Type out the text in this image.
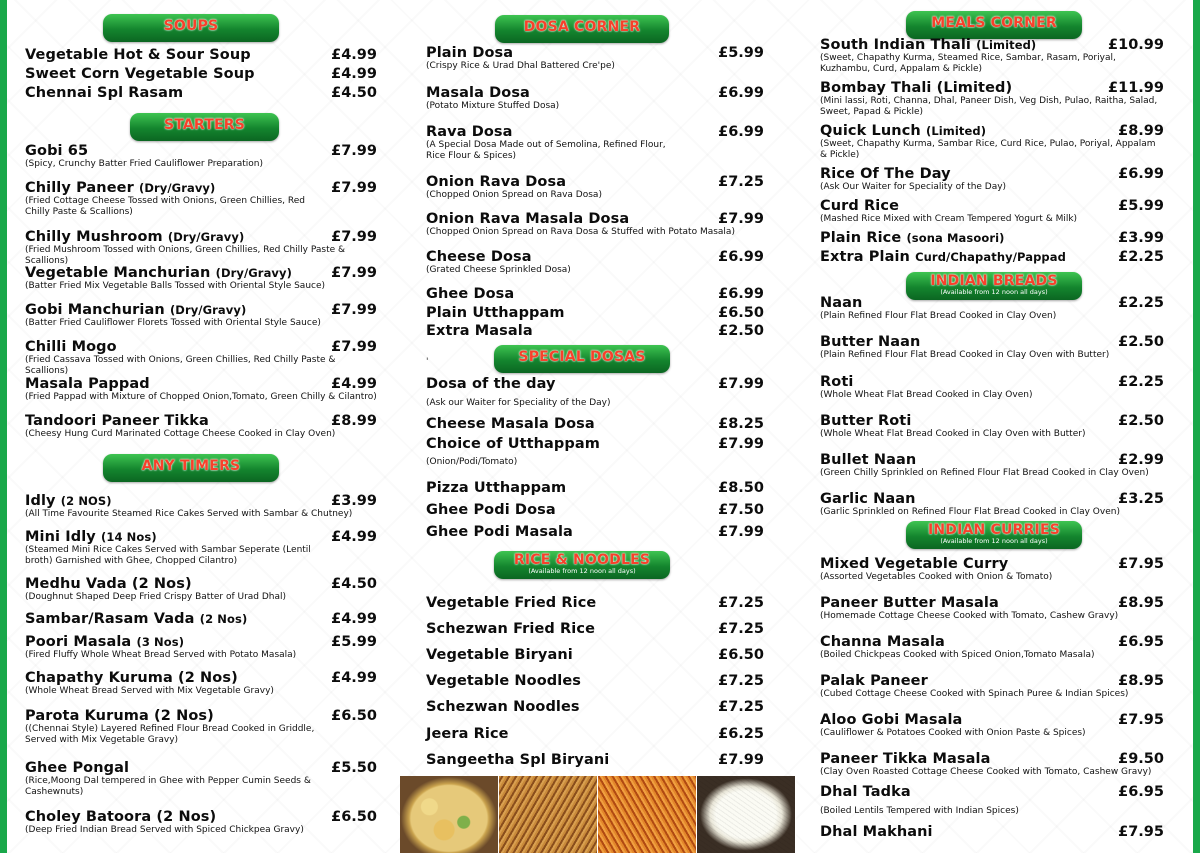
SOUPS
Vegetable Hot & Sour Soup	£4.99
Sweet Corn Vegetable Soup	£4.99
Chennai Spl Rasam	£4.50
STARTERS
Gobi 65	£7.99
(Spicy, Crunchy Batter Fried Cauliflower Preparation)
Chilly Paneer (Dry/Gravy)	£7.99
(Fried Cottage Cheese Tossed with Onions, Green Chillies, Red Chilly Paste & Scallions)
Chilly Mushroom (Dry/Gravy)	£7.99
(Fried Mushroom Tossed with Onions, Green Chillies, Red Chilly Paste & Scallions)
Vegetable Manchurian (Dry/Gravy)	£7.99
(Batter Fried Mix Vegetable Balls Tossed with Oriental Style Sauce)
Gobi Manchurian (Dry/Gravy)	£7.99
(Batter Fried Cauliflower Florets Tossed with Oriental Style Sauce)
Chilli Mogo	£7.99
(Fried Cassava Tossed with Onions, Green Chillies, Red Chilly Paste & Scallions)
Masala Pappad	£4.99
(Fried Pappad with Mixture of Chopped Onion,Tomato, Green Chilly & Cilantro)
Tandoori Paneer Tikka	£8.99
(Cheesy Hung Curd Marinated Cottage Cheese Cooked in Clay Oven)
ANY TIMERS
Idly (2 NOS)	£3.99
(All Time Favourite Steamed Rice Cakes Served with Sambar & Chutney)
Mini Idly (14 Nos)	£4.99
(Steamed Mini Rice Cakes Served with Sambar Seperate (Lentil broth) Garnished with Ghee, Chopped Cilantro)
Medhu Vada (2 Nos)	£4.50
(Doughnut Shaped Deep Fried Crispy Batter of Urad Dhal)
Sambar/Rasam Vada (2 Nos)	£4.99
Poori Masala (3 Nos)	£5.99
(Fired Fluffy Whole Wheat Bread Served with Potato Masala)
Chapathy Kuruma (2 Nos)	£4.99
(Whole Wheat Bread Served with Mix Vegetable Gravy)
Parota Kuruma (2 Nos)	£6.50
((Chennai Style) Layered Refined Flour Bread Cooked in Griddle, Served with Mix Vegetable Gravy)
Ghee Pongal	£5.50
(Rice,Moong Dal tempered in Ghee with Pepper Cumin Seeds & Cashewnuts)
Choley Batoora (2 Nos)	£6.50
(Deep Fried Indian Bread Served with Spiced Chickpea Gravy)
DOSA CORNER
Plain Dosa	£5.99
(Crispy Rice & Urad Dhal Battered Cre'pe)
Masala Dosa	£6.99
(Potato Mixture Stuffed Dosa)
Rava Dosa	£6.99
(A Special Dosa Made out of Semolina, Refined Flour, Rice Flour & Spices)
Onion Rava Dosa	£7.25
(Chopped Onion Spread on Rava Dosa)
Onion Rava Masala Dosa	£7.99
(Chopped Onion Spread on Rava Dosa & Stuffed with Potato Masala)
Cheese Dosa	£6.99
(Grated Cheese Sprinkled Dosa)
Ghee Dosa	£6.99
Plain Utthappam	£6.50
Extra Masala	£2.50
SPECIAL DOSAS
Dosa of the day	£7.99
(Ask our Waiter for Speciality of the Day)
Cheese Masala Dosa	£8.25
Choice of Utthappam	£7.99
(Onion/Podi/Tomato)
Pizza Utthappam	£8.50
Ghee Podi Dosa	£7.50
Ghee Podi Masala	£7.99
RICE & NOODLES
(Available from 12 noon all days)
Vegetable Fried Rice	£7.25
Schezwan Fried Rice	£7.25
Vegetable Biryani	£6.50
Vegetable Noodles	£7.25
Schezwan Noodles	£7.25
Jeera Rice	£6.25
Sangeetha Spl Biryani	£7.99
'
MEALS CORNER
South Indian Thali (Limited)	£10.99
(Sweet, Chapathy Kurma, Steamed Rice, Sambar, Rasam, Poriyal, Kuzhambu, Curd, Appalam & Pickle)
Bombay Thali (Limited)	£11.99
(Mini lassi, Roti, Channa, Dhal, Paneer Dish, Veg Dish, Pulao, Raitha, Salad, Sweet, Papad & Pickle)
Quick Lunch (Limited)	£8.99
(Sweet, Chapathy Kurma, Sambar Rice, Curd Rice, Pulao, Poriyal, Appalam & Pickle)
Rice Of The Day	£6.99
(Ask Our Waiter for Speciality of the Day)
Curd Rice	£5.99
(Mashed Rice Mixed with Cream Tempered Yogurt & Milk)
Plain Rice (sona Masoori)	£3.99
Extra Plain Curd/Chapathy/Pappad	£2.25
INDIAN BREADS
(Available from 12 noon all days)
Naan	£2.25
(Plain Refined Flour Flat Bread Cooked in Clay Oven)
Butter Naan	£2.50
(Plain Refined Flour Flat Bread Cooked in Clay Oven with Butter)
Roti	£2.25
(Whole Wheat Flat Bread Cooked in Clay Oven)
Butter Roti	£2.50
(Whole Wheat Flat Bread Cooked in Clay Oven with Butter)
Bullet Naan	£2.99
(Green Chilly Sprinkled on Refined Flour Flat Bread Cooked in Clay Oven)
Garlic Naan	£3.25
(Garlic Sprinkled on Refined Flour Flat Bread Cooked in Clay Oven)
INDIAN CURRIES
(Available from 12 noon all days)
Mixed Vegetable Curry	£7.95
(Assorted Vegetables Cooked with Onion & Tomato)
Paneer Butter Masala	£8.95
(Homemade Cottage Cheese Cooked with Tomato, Cashew Gravy)
Channa Masala	£6.95
(Boiled Chickpeas Cooked with Spiced Onion,Tomato Masala)
Palak Paneer	£8.95
(Cubed Cottage Cheese Cooked with Spinach Puree & Indian Spices)
Aloo Gobi Masala	£7.95
(Cauliflower & Potatoes Cooked with Onion Paste & Spices)
Paneer Tikka Masala	£9.50
(Clay Oven Roasted Cottage Cheese Cooked with Tomato, Cashew Gravy)
Dhal Tadka	£6.95
(Boiled Lentils Tempered with Indian Spices)
Dhal Makhani	£7.95
